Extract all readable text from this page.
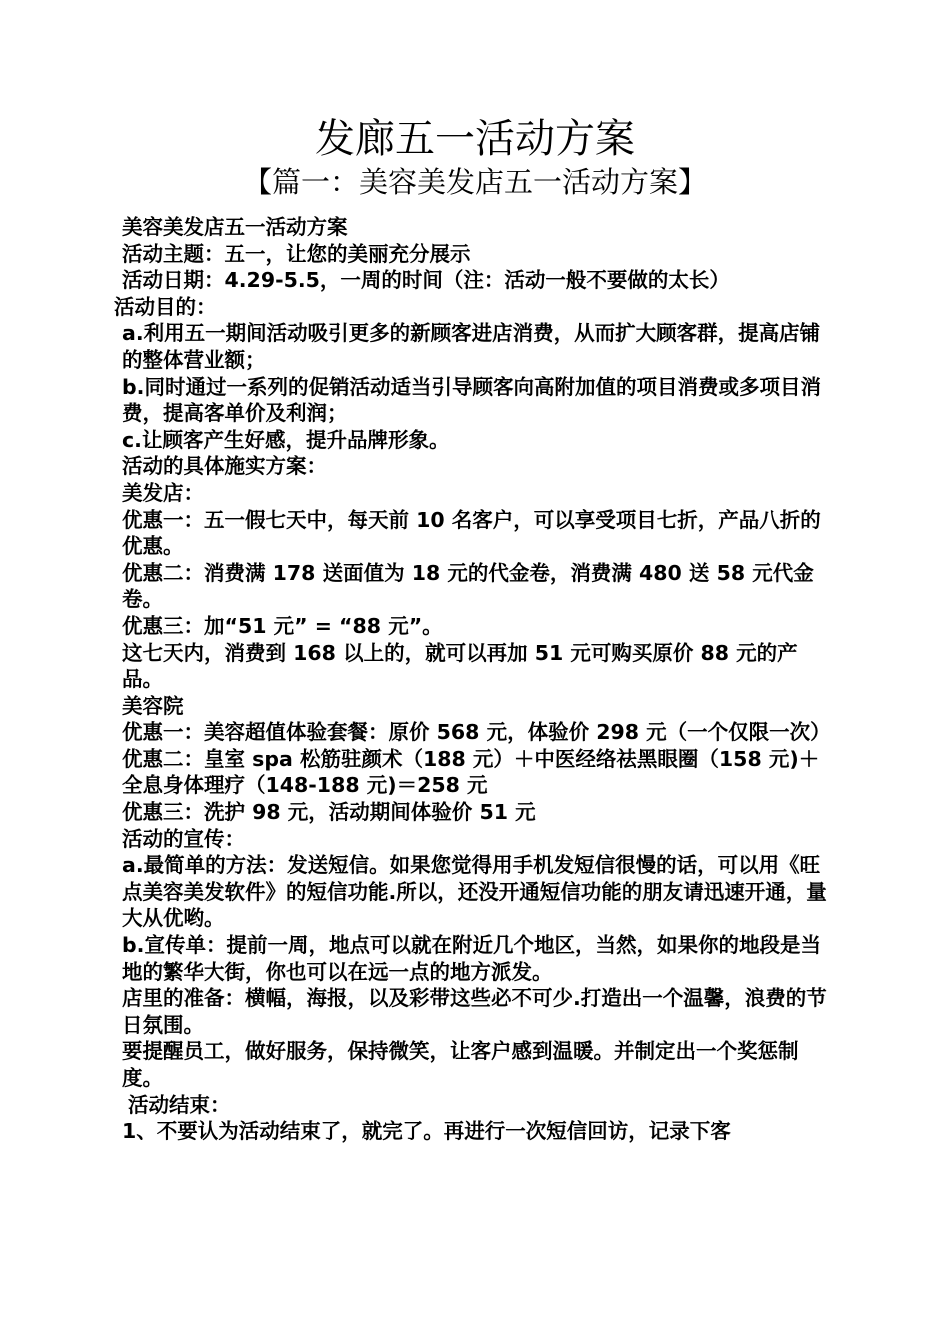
发廊五一活动方案
【篇一：美容美发店五一活动方案】

美容美发店五一活动方案

活动主题：五一，让您的美丽充分展示

活动日期：4.29-5.5，一周的时间（注：活动一般不要做的太长）

活动目的：

a.利用五一期间活动吸引更多的新顾客进店消费，从而扩大顾客群，提高店铺的整体营业额；

b.同时通过一系列的促销活动适当引导顾客向高附加值的项目消费或多项目消费，提高客单价及利润；

c.让顾客产生好感，提升品牌形象。

活动的具体施实方案：

美发店：

优惠一：五一假七天中，每天前 10 名客户，可以享受项目七折，产品八折的优惠。

优惠二：消费满 178 送面值为 18 元的代金卷，消费满 480 送 58 元代金卷。

优惠三：加“51 元” = “88 元”。

这七天内，消费到 168 以上的，就可以再加 51 元可购买原价 88 元的产品。

美容院

优惠一：美容超值体验套餐：原价 568 元，体验价 298 元（一个仅限一次）

优惠二：皇室 spa 松筋驻颜术（188 元）＋中医经络祛黑眼圈（158 元)＋全息身体理疗（148-188 元)＝258 元

优惠三：洗护 98 元，活动期间体验价 51 元

活动的宣传：

a.最简单的方法：发送短信。如果您觉得用手机发短信很慢的话，可以用《旺点美容美发软件》的短信功能.所以，还没开通短信功能的朋友请迅速开通，量大从优哟。

b.宣传单：提前一周，地点可以就在附近几个地区，当然，如果你的地段是当地的繁华大街，你也可以在远一点的地方派发。

店里的准备：横幅，海报，以及彩带这些必不可少.打造出一个温馨，浪费的节日氛围。

要提醒员工，做好服务，保持微笑，让客户感到温暖。并制定出一个奖惩制度。

活动结束：

1、不要认为活动结束了，就完了。再进行一次短信回访，记录下客
